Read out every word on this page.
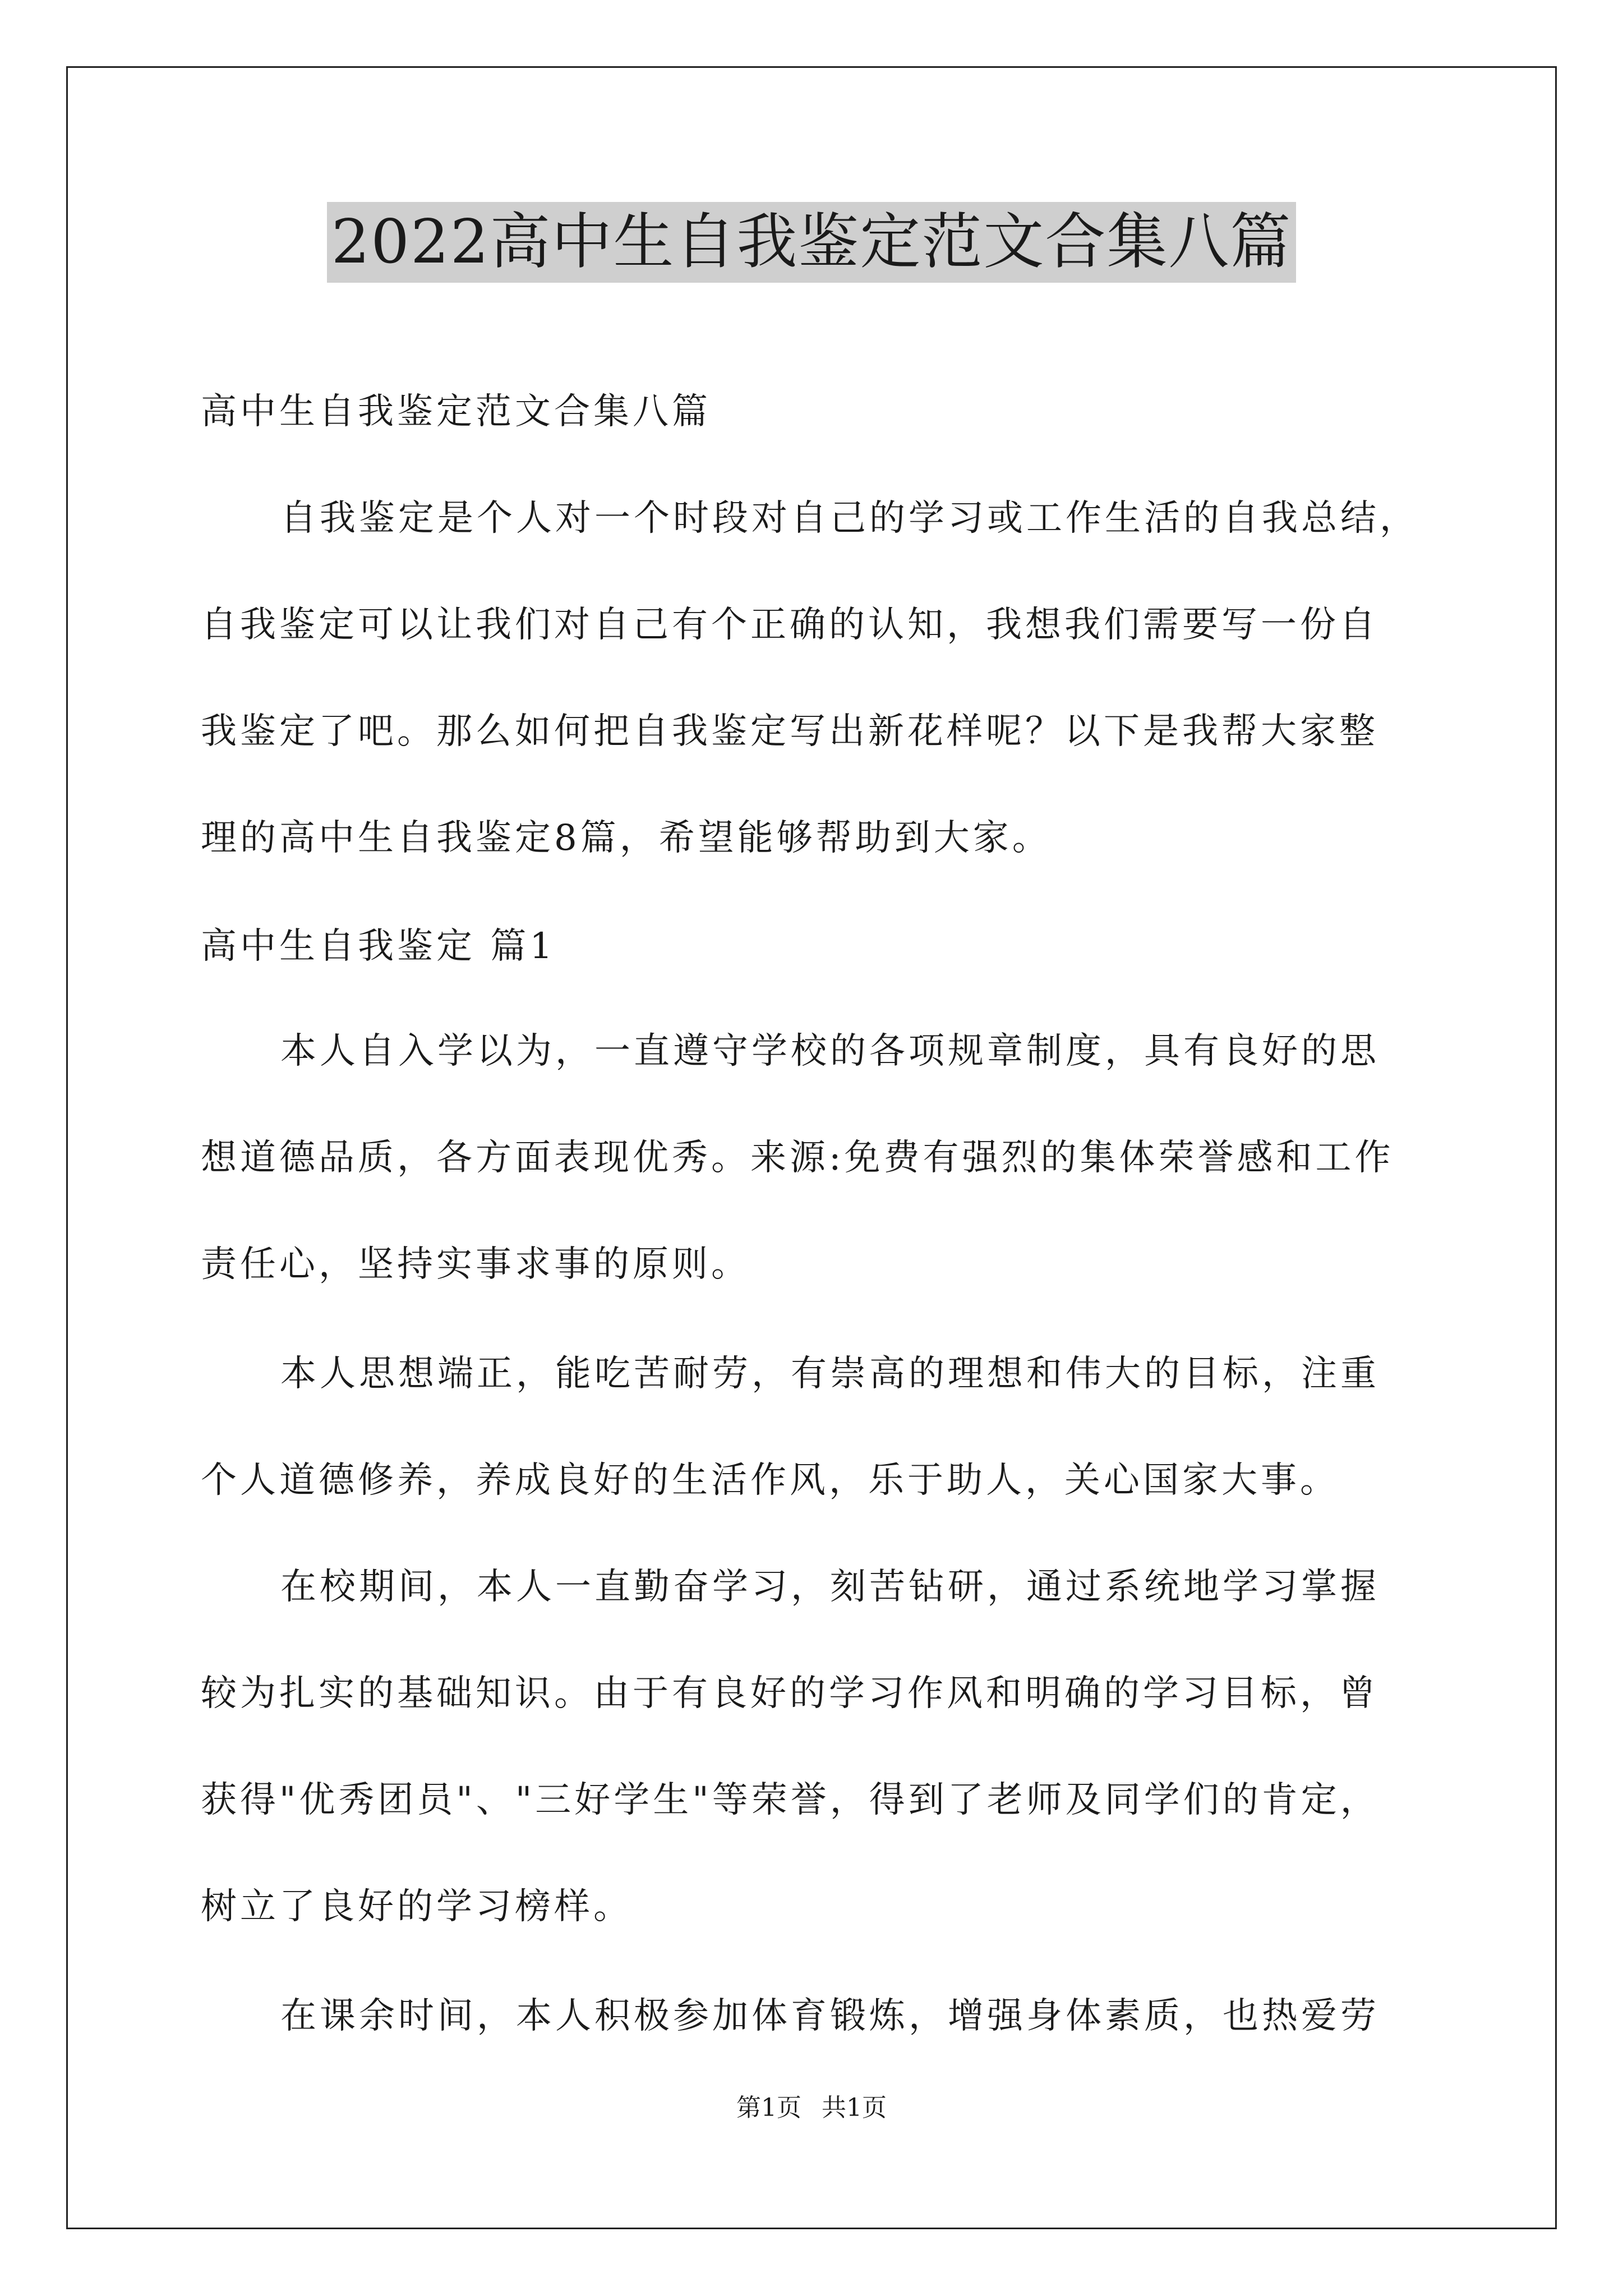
2022高中生自我鉴定范文合集八篇

高中生自我鉴定范文合集八篇

自我鉴定是个人对一个时段对自己的学习或工作生活的自我总结，

自我鉴定可以让我们对自己有个正确的认知，我想我们需要写一份自

我鉴定了吧。那么如何把自我鉴定写出新花样呢？以下是我帮大家整

理的高中生自我鉴定8篇，希望能够帮助到大家。

高中生自我鉴定 篇1

本人自入学以为，一直遵守学校的各项规章制度，具有良好的思

想道德品质，各方面表现优秀。来源:免费有强烈的集体荣誉感和工作

责任心，坚持实事求事的原则。

本人思想端正，能吃苦耐劳，有崇高的理想和伟大的目标，注重

个人道德修养，养成良好的生活作风，乐于助人，关心国家大事。

在校期间，本人一直勤奋学习，刻苦钻研，通过系统地学习掌握

较为扎实的基础知识。由于有良好的学习作风和明确的学习目标，曾

获得"优秀团员"、"三好学生"等荣誉，得到了老师及同学们的肯定，

树立了良好的学习榜样。

在课余时间，本人积极参加体育锻炼，增强身体素质，也热爱劳

第1页 共1页
